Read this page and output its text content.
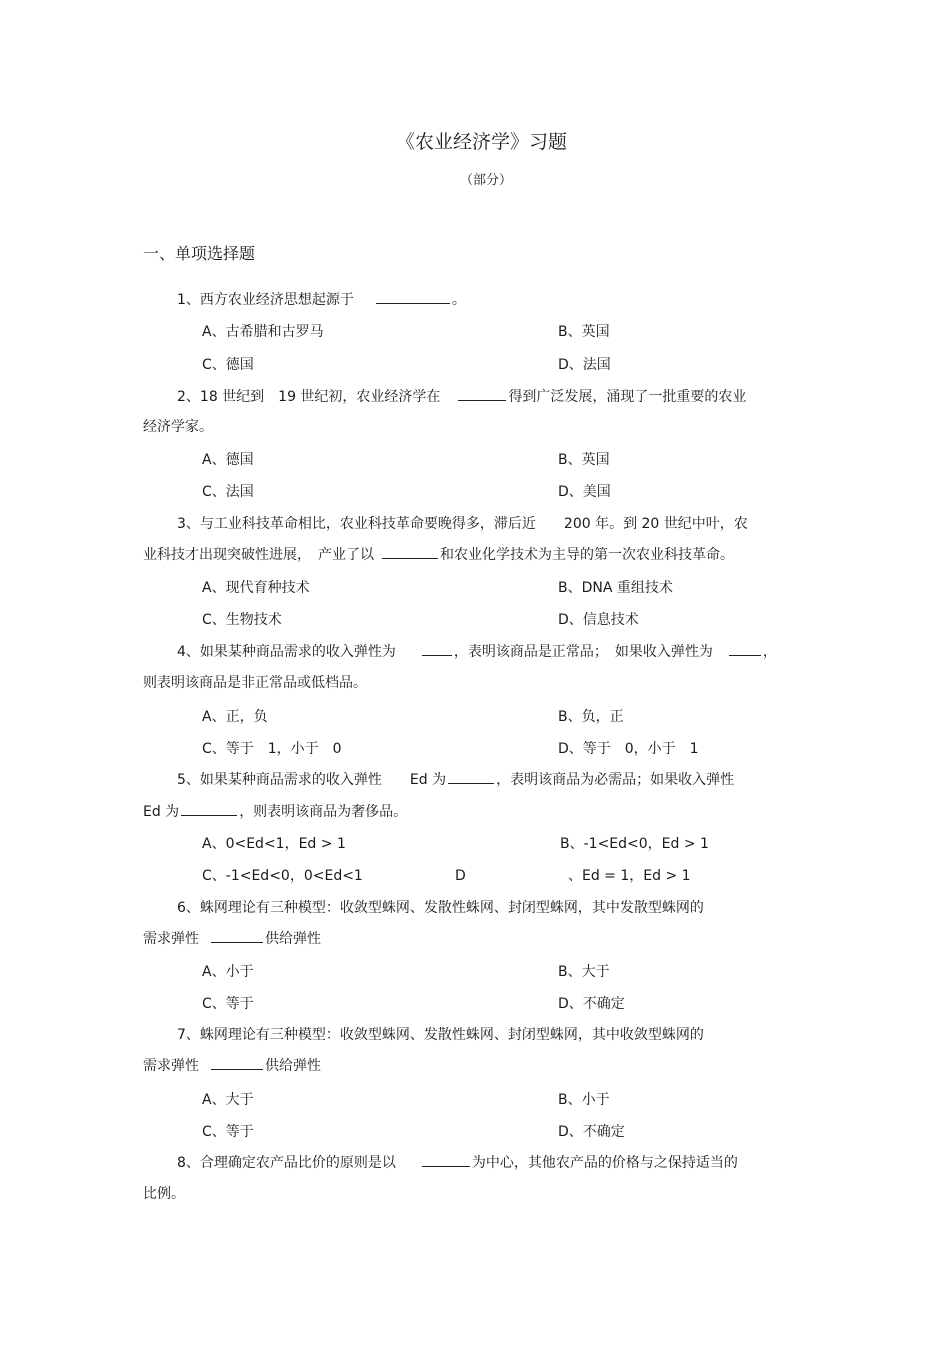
《农业经济学》习题
（部分）
一、单项选择题
1、西方农业经济思想起源于	。
A、古希腊和古罗马	B、英国
C、德国	D、法国
2、18 世纪到　19 世纪初，农业经济学在	得到广泛发展，涌现了一批重要的农业
经济学家。
A、德国	B、英国
C、法国	D、美国
3、与工业科技革命相比，农业科技革命要晚得多，滞后近　　200 年。到 20 世纪中叶，农
业科技才出现突破性进展，　产业了以	和农业化学技术为主导的第一次农业科技革命。
A、现代育种技术	B、DNA 重组技术
C、生物技术	D、信息技术
4、如果某种商品需求的收入弹性为	，表明该商品是正常品；　如果收入弹性为	，
则表明该商品是非正常品或低档品。
A、正，负	B、负，正
C、等于　1，小于　0	D、等于　0，小于　1
5、如果某种商品需求的收入弹性　　Ed 为	，表明该商品为必需品；如果收入弹性
Ed 为	，则表明该商品为奢侈品。
A、0<Ed<1，Ed > 1	B、-1<Ed<0，Ed > 1
C、-1<Ed<0，0<Ed<1	D	、Ed = 1，Ed > 1
6、蛛网理论有三种模型：收敛型蛛网、发散性蛛网、封闭型蛛网，其中发散型蛛网的
需求弹性	供给弹性
A、小于	B、大于
C、等于	D、不确定
7、蛛网理论有三种模型：收敛型蛛网、发散性蛛网、封闭型蛛网，其中收敛型蛛网的
需求弹性	供给弹性
A、大于	B、小于
C、等于	D、不确定
8、合理确定农产品比价的原则是以	为中心，其他农产品的价格与之保持适当的
比例。
